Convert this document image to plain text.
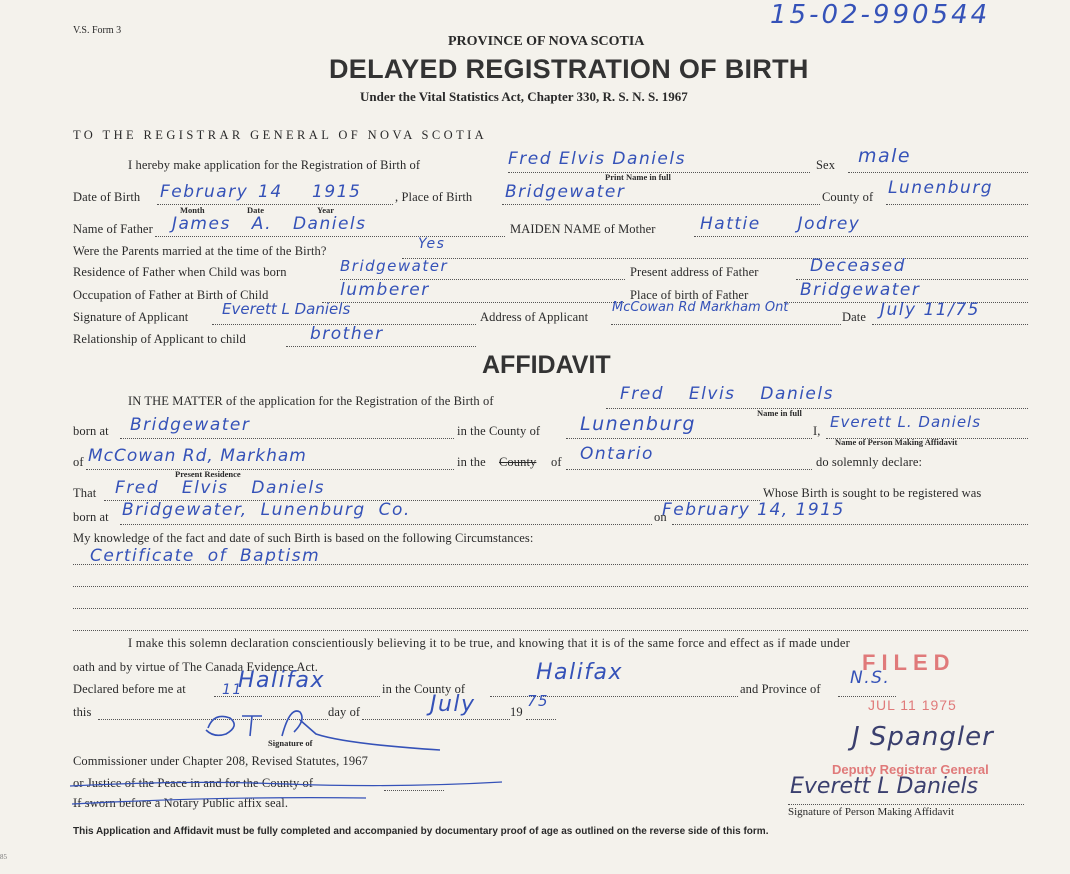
V.S. Form 3
15-02-990544
PROVINCE OF NOVA SCOTIA
DELAYED REGISTRATION OF BIRTH
Under the Vital Statistics Act, Chapter 330, R. S. N. S. 1967
TO THE REGISTRAR GENERAL OF NOVA SCOTIA
I hereby make application for the Registration of Birth of	Fred Elvis Daniels
Print Name in full
Sex male
Date of Birth February 14 1915
Month	Date	Year
, Place of Birth Bridgewater	County of Lunenburg
Name of Father James A. Daniels	MAIDEN NAME of Mother	Hattie Jodrey
Were the Parents married at the time of the Birth?	Yes
Residence of Father when Child was born	Bridgewater	Present address of Father	Deceased
Occupation of Father at Birth of Child	lumberer	Place of birth of Father	Bridgewater
Signature of Applicant Everett L Daniels	Address of Applicant
McCowan Rd Markham Ont
Date July 11/75
Relationship of Applicant to child	brother
AFFIDAVIT
IN THE MATTER of the application for the Registration of the Birth of	Fred Elvis Daniels
Name in full
born at Bridgewater	in the County of Lunenburg	I, Everett L. Daniels
Name of Person Making Affidavit
of McCowan Rd, Markham
Present Residence
in the County of Ontario	do solemnly declare:
That Fred Elvis Daniels	Whose Birth is sought to be registered was
born at Bridgewater, Lunenburg Co.	on
February 14, 1915
My knowledge of the fact and date of such Birth is based on the following Circumstances:
Certificate of Baptism
I make this solemn declaration conscientiously believing it to be true, and knowing that it is of the same force and effect as if made under
oath and by virtue of The Canada Evidence Act.
Declared before me at Halifax	in the County of
Halifax
and Province of
N.S.
this
11
day of	July	19
75
Signature of
Commissioner under Chapter 208, Revised Statutes, 1967
or Justice of the Peace in and for the County of
If sworn before a Notary Public affix seal.
FILED
JUL 11 1975
J Spangler
Deputy Registrar General
Everett L Daniels
Signature of Person Making Affidavit
This Application and Affidavit must be fully completed and accompanied by documentary proof of age as outlined on the reverse side of this form.
85
